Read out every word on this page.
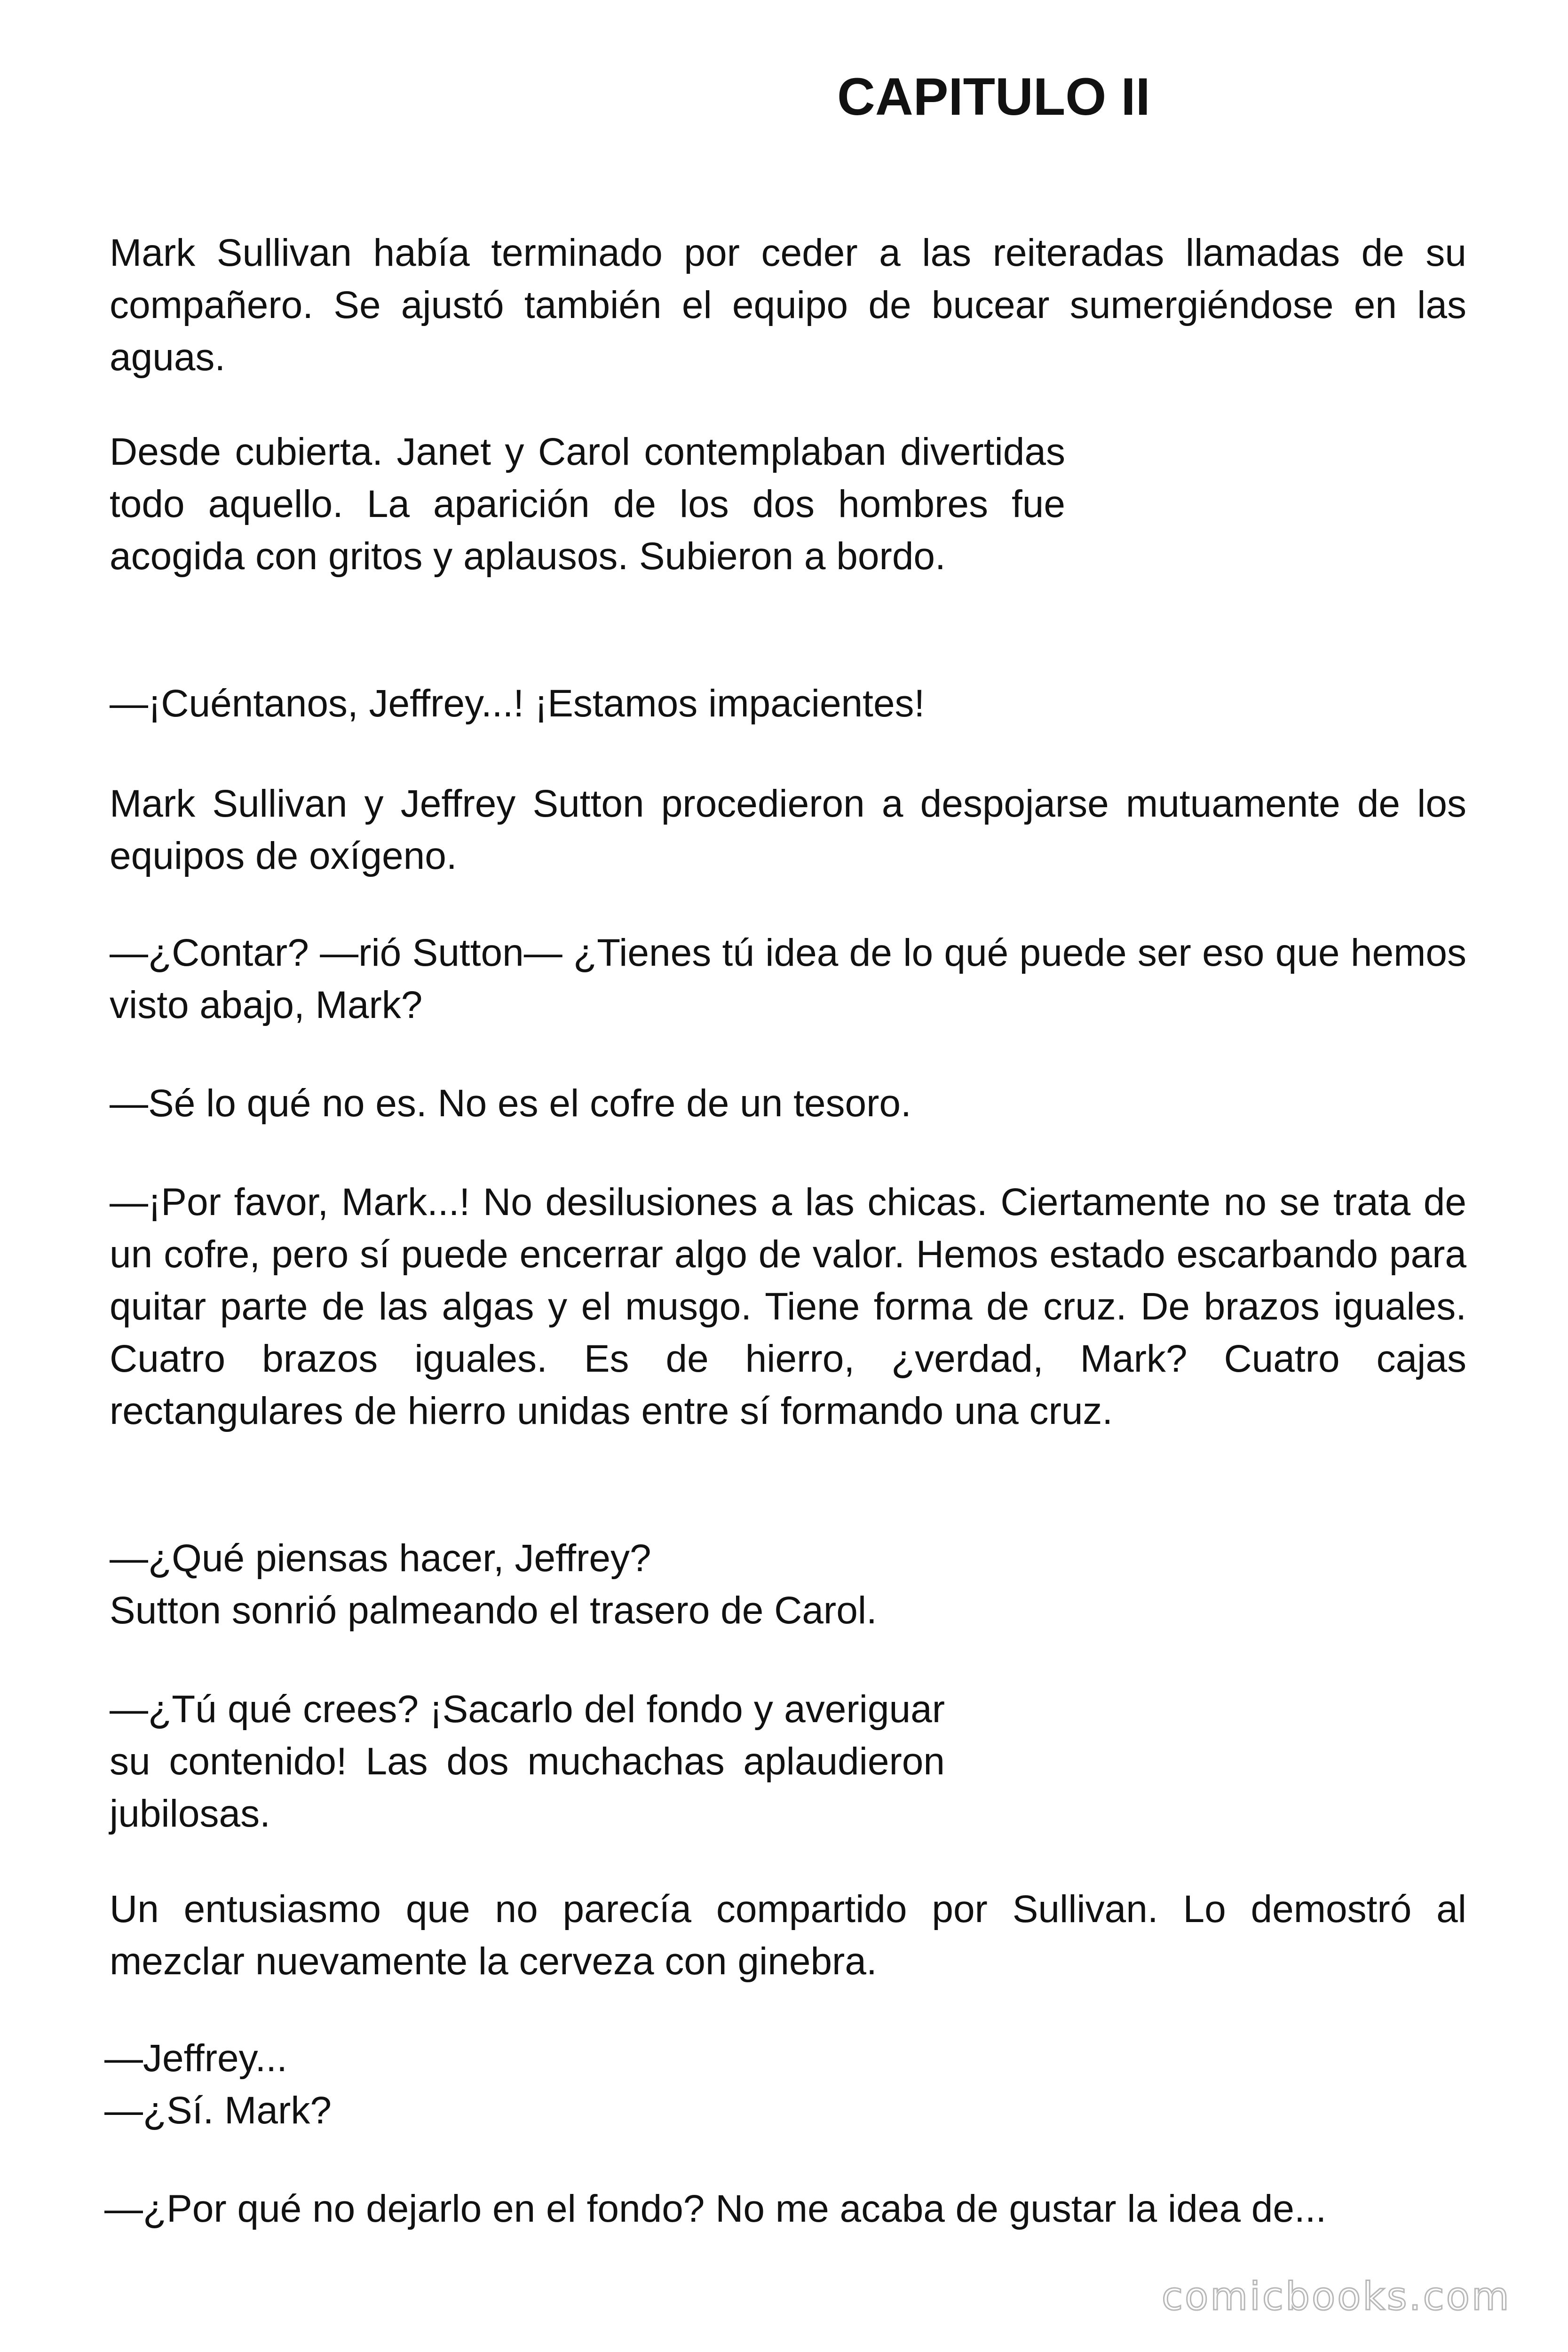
CAPITULO II

Mark Sullivan había terminado por ceder a las reiteradas llamadas de su compañero. Se ajustó también el equipo de bucear sumergiéndose en las aguas.

Desde cubierta. Janet y Carol contemplaban divertidas todo aquello. La aparición de los dos hombres fue acogida con gritos y aplausos. Subieron a bordo.

—¡Cuéntanos, Jeffrey...! ¡Estamos impacientes!

Mark Sullivan y Jeffrey Sutton procedieron a despojarse mutuamente de los equipos de oxígeno.

—¿Contar? —rió Sutton— ¿Tienes tú idea de lo qué puede ser eso que hemos visto abajo, Mark?

—Sé lo qué no es. No es el cofre de un tesoro.

—¡Por favor, Mark...! No desilusiones a las chicas. Ciertamente no se trata de un cofre, pero sí puede encerrar algo de valor. Hemos estado escarbando para quitar parte de las algas y el musgo. Tiene forma de cruz. De brazos iguales. Cuatro brazos iguales. Es de hierro, ¿verdad, Mark? Cuatro cajas rectangulares de hierro unidas entre sí formando una cruz.

—¿Qué piensas hacer, Jeffrey?

Sutton sonrió palmeando el trasero de Carol.

—¿Tú qué crees? ¡Sacarlo del fondo y averiguar su contenido! Las dos muchachas aplaudieron jubilosas.

Un entusiasmo que no parecía compartido por Sullivan. Lo demostró al mezclar nuevamente la cerveza con ginebra.

—Jeffrey...

—¿Sí. Mark?

—¿Por qué no dejarlo en el fondo? No me acaba de gustar la idea de...

comicbooks.com
